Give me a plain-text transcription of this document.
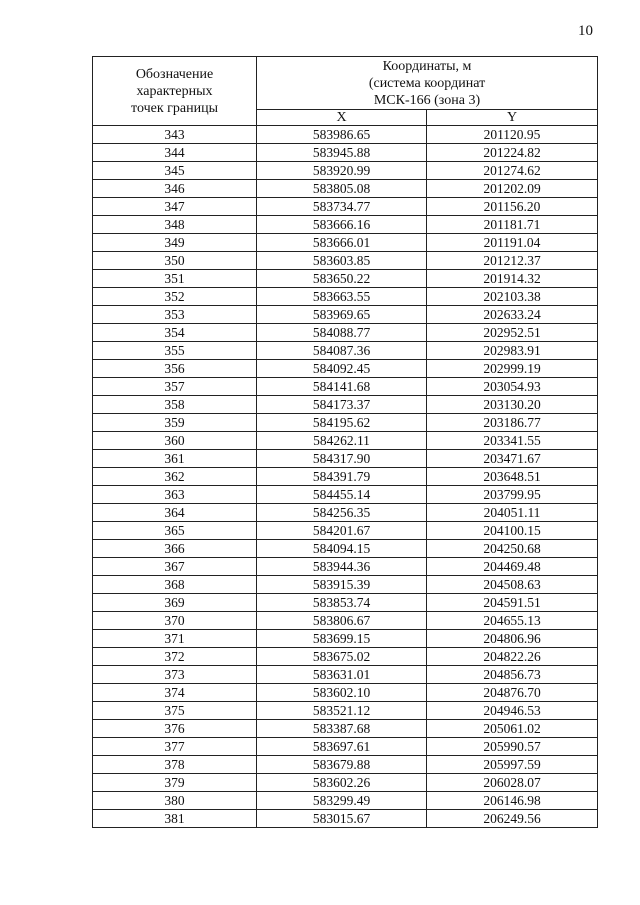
10
Обозначение
характерных
точек границы	Координаты, м
(система координат
МСК-166 (зона 3)	

	X	Y
343	583986.65	201120.95
344	583945.88	201224.82
345	583920.99	201274.62
346	583805.08	201202.09
347	583734.77	201156.20
348	583666.16	201181.71
349	583666.01	201191.04
350	583603.85	201212.37
351	583650.22	201914.32
352	583663.55	202103.38
353	583969.65	202633.24
354	584088.77	202952.51
355	584087.36	202983.91
356	584092.45	202999.19
357	584141.68	203054.93
358	584173.37	203130.20
359	584195.62	203186.77
360	584262.11	203341.55
361	584317.90	203471.67
362	584391.79	203648.51
363	584455.14	203799.95
364	584256.35	204051.11
365	584201.67	204100.15
366	584094.15	204250.68
367	583944.36	204469.48
368	583915.39	204508.63
369	583853.74	204591.51
370	583806.67	204655.13
371	583699.15	204806.96
372	583675.02	204822.26
373	583631.01	204856.73
374	583602.10	204876.70
375	583521.12	204946.53
376	583387.68	205061.02
377	583697.61	205990.57
378	583679.88	205997.59
379	583602.26	206028.07
380	583299.49	206146.98
381	583015.67	206249.56
